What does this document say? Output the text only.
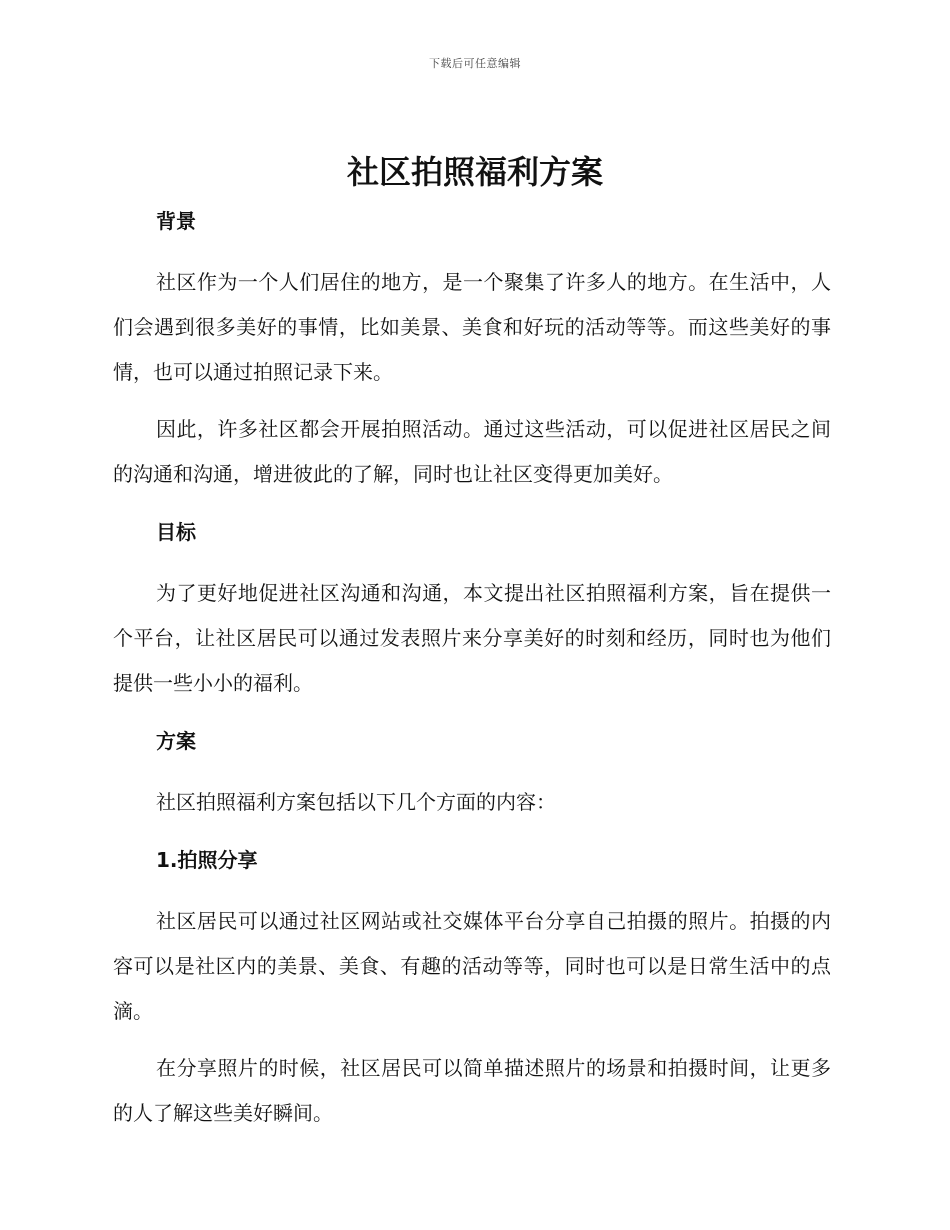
下载后可任意编辑
社区拍照福利方案
背景

社区作为一个人们居住的地方，是一个聚集了许多人的地方。在生活中，人们会遇到很多美好的事情，比如美景、美食和好玩的活动等等。而这些美好的事情，也可以通过拍照记录下来。

因此，许多社区都会开展拍照活动。通过这些活动，可以促进社区居民之间的沟通和沟通，增进彼此的了解，同时也让社区变得更加美好。

目标

为了更好地促进社区沟通和沟通，本文提出社区拍照福利方案，旨在提供一个平台，让社区居民可以通过发表照片来分享美好的时刻和经历，同时也为他们提供一些小小的福利。

方案

社区拍照福利方案包括以下几个方面的内容：

1.拍照分享

社区居民可以通过社区网站或社交媒体平台分享自己拍摄的照片。拍摄的内容可以是社区内的美景、美食、有趣的活动等等，同时也可以是日常生活中的点滴。

在分享照片的时候，社区居民可以简单描述照片的场景和拍摄时间，让更多的人了解这些美好瞬间。
